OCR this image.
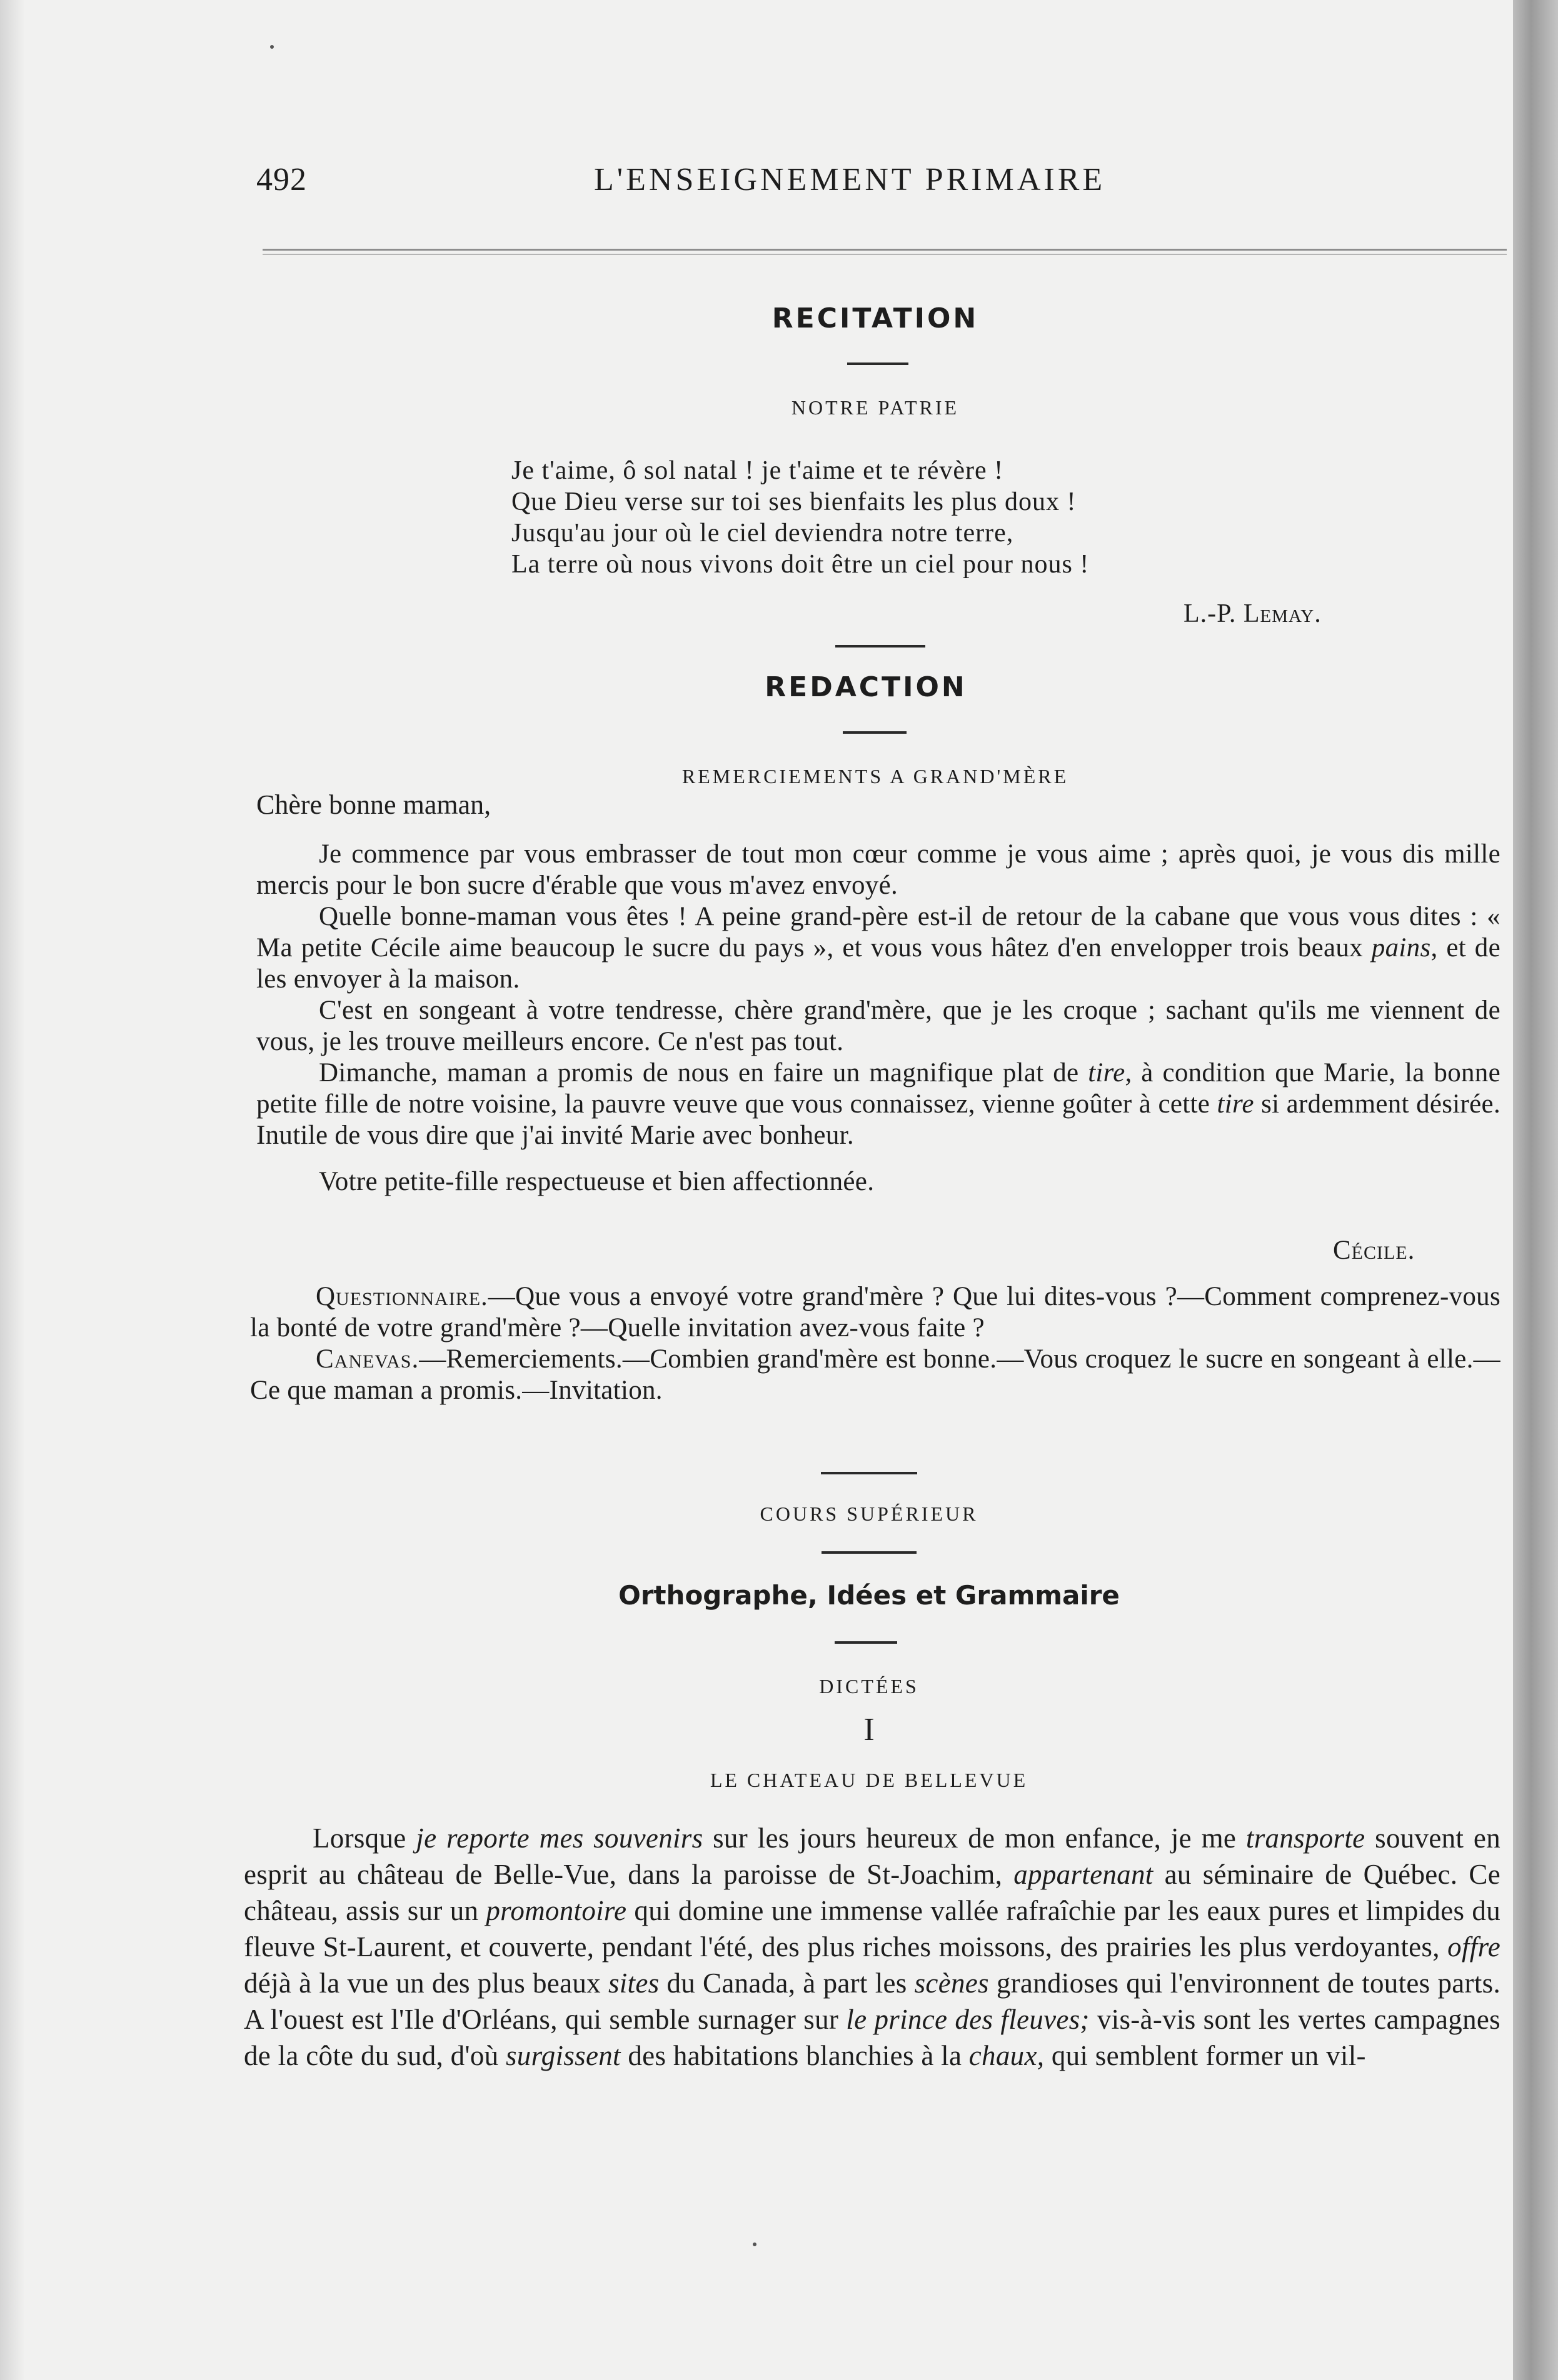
492	L'ENSEIGNEMENT PRIMAIRE
RECITATION
NOTRE PATRIE
Je t'aime, ô sol natal ! je t'aime et te révère !
Que Dieu verse sur toi ses bienfaits les plus doux !
Jusqu'au jour où le ciel deviendra notre terre,
La terre où nous vivons doit être un ciel pour nous !
L.-P. Lemay.
REDACTION
REMERCIEMENTS A GRAND'MÈRE
Chère bonne maman,

Je commence par vous embrasser de tout mon cœur comme je vous aime ; après quoi, je vous dis mille mercis pour le bon sucre d'érable que vous m'avez envoyé.

Quelle bonne-maman vous êtes ! A peine grand-père est-il de retour de la cabane que vous vous dites : « Ma petite Cécile aime beaucoup le sucre du pays », et vous vous hâtez d'en envelopper trois beaux pains, et de les envoyer à la maison.

C'est en songeant à votre tendresse, chère grand'mère, que je les croque ; sachant qu'ils me viennent de vous, je les trouve meilleurs encore. Ce n'est pas tout.

Dimanche, maman a promis de nous en faire un magnifique plat de tire, à condition que Marie, la bonne petite fille de notre voisine, la pauvre veuve que vous connaissez, vienne goûter à cette tire si ardemment désirée. Inutile de vous dire que j'ai invité Marie avec bonheur.

Votre petite-fille respectueuse et bien affectionnée.

Cécile.

Questionnaire.—Que vous a envoyé votre grand'mère ? Que lui dites-vous ?—Comment comprenez-vous la bonté de votre grand'mère ?—Quelle invitation avez-vous faite ?

Canevas.—Remerciements.—Combien grand'mère est bonne.—Vous croquez le sucre en songeant à elle.—Ce que maman a promis.—Invitation.

COURS SUPÉRIEUR
Orthographe, Idées et Grammaire
DICTÉES
I
LE CHATEAU DE BELLEVUE

Lorsque je reporte mes souvenirs sur les jours heureux de mon enfance, je me transporte souvent en esprit au château de Belle-Vue, dans la paroisse de St-Joachim, appartenant au séminaire de Québec. Ce château, assis sur un promontoire qui domine une immense vallée rafraîchie par les eaux pures et limpides du fleuve St-Laurent, et couverte, pendant l'été, des plus riches moissons, des prairies les plus verdoyantes, offre déjà à la vue un des plus beaux sites du Canada, à part les scènes grandioses qui l'environnent de toutes parts. A l'ouest est l'Ile d'Orléans, qui semble surnager sur le prince des fleuves; vis-à-vis sont les vertes campagnes de la côte du sud, d'où surgissent des habitations blanchies à la chaux, qui semblent former un vil-
